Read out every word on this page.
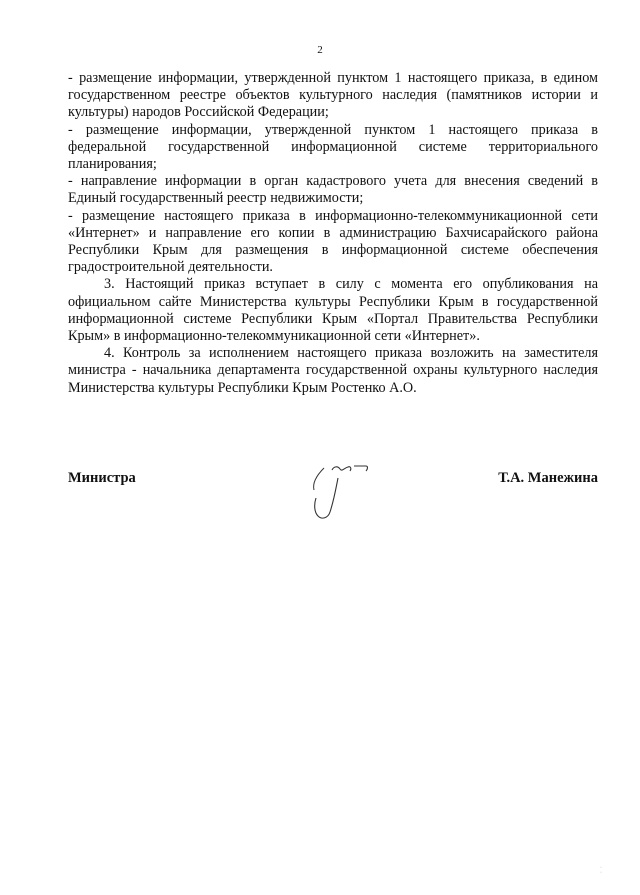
2

- размещение информации, утвержденной пунктом 1 настоящего приказа, в едином государственном реестре объектов культурного наследия (памятников истории и культуры) народов Российской Федерации;

- размещение информации, утвержденной пунктом 1 настоящего приказа в федеральной государственной информационной системе территориального планирования;

- направление информации в орган кадастрового учета для внесения сведений в Единый государственный реестр недвижимости;

- размещение настоящего приказа в информационно-телекоммуникационной сети «Интернет» и направление его копии в администрацию Бахчисарайского района Республики Крым для размещения в информационной системе обеспечения градостроительной деятельности.

3. Настоящий приказ вступает в силу с момента его опубликования на официальном сайте Министерства культуры Республики Крым в государственной информационной системе Республики Крым «Портал Правительства Республики Крым» в информационно-телекоммуникационной сети «Интернет».

4. Контроль за исполнением настоящего приказа возложить на заместителя министра - начальника департамента государственной охраны культурного наследия Министерства культуры Республики Крым Ростенко А.О.

Министра	Т.А. Манежина
·
·
